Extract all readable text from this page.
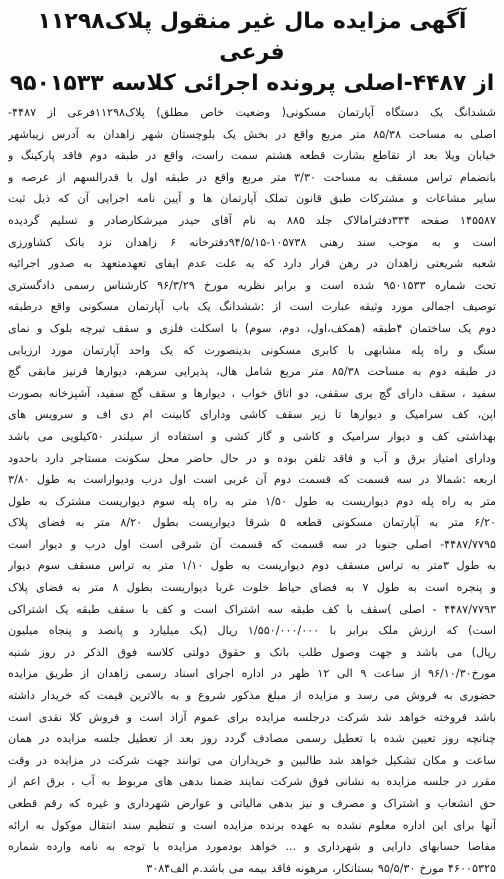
آگهی مزایده مال غیر منقول پلاک۱۱۲۹۸ فرعی
از ۴۴۸۷-اصلی پرونده اجرائی کلاسه ۹۵۰۱۵۳۳
ششدانگ یک دستگاه آپارتمان مسکونی( وضعیت خاص مطلق) پلاک۱۱۲۹۸فرعی از ۴۴۸۷-
اصلی به مساحت ۸۵/۳۸ متر مربع واقع در بخش یک بلوچستان شهر زاهدان به آدرس زیباشهر
خیابان ویلا بعد از تقاطع بشارت قطعه هشتم سمت راست، واقع در طبقه دوم فاقد پارکینگ و
بانضمام تراس مسقف به مساحت ۳/۳۰ متر مربع واقع در طبقه اول با قدرالسهم از عرصه و
سایر مشاعات و مشترکات طبق قانون تملک آپارتمان ها و آیین نامه اجرایی آن که ذیل ثبت
۱۴۵۵۸۷ صفحه ۳۳۴دفترامالاک جلد ۸۸۵ به نام آقای حیدر میرشکارصادر و تسلیم گردیده
است و به موجب سند رهنی ۱۰۵۷۳۸-۹۴/۵/۱۵دفترخانه ۶ زاهدان نزد بانک کشاورزی
شعبه شریعتی زاهدان در رهن قرار دارد که به علت عدم ایفای تعهدمتعهد به صدور اجرائیه
تحت شماره ۹۵۰۱۵۳۳ شده است و برابر نظریه مورخ ۹۶/۳/۲۹ کارشناس رسمی دادگستری
توصیف اجمالی مورد وثیقه عبارت است از :ششدانگ یک باب آپارتمان مسکونی واقع درطبقه
دوم یک ساختمان ۴طبقه (همکف،اول، دوم، سوم) با اسکلت فلزی و سقف تیرچه بلوک و نمای
سنگ و راه پله مشابهی با کابری مسکونی بدینصورت که یک واحد آپارتمان مورد ارزیابی
در طبقه دوم به مساحت ۸۵/۳۸ متر مربع شامل هال، پذیرایی سرهم، دیوارها قرنیز مابقی گچ
سفید ، سقف دارای گچ بری سقفی، دو اتاق خواب ، دیوارها و سقف گچ سفید، آشپزخانه بصورت
اپن، کف سرامیک و دیوارها تا زیر سقف کاشی ودارای کابینت ام دی اف و سرویس های
بهداشتی کف و دیوار سرامیک و کاشی و گاز کشی و استفاده از سیلندر ۵۰کیلویی می باشد
ودارای امتیاز برق و آب و فاقد تلفن بوده و در حال حاضر محل سکونت مستاجر دارد باحدود
اربعه :شمالا در سه قسمت که قسمت دوم آن غربی است اول درب ودیواراست به طول ۳/۸۰
متر به راه پله دوم دیواریست به طول ۱/۵۰ متر به راه پله سوم دیواریست مشترک به طول
۶/۲۰ متر به آپارتمان مسکونی قطعه ۵ شرقا دیواریست بطول ۸/۲۰ متر به فضای پلاک
۴۴۸۷/۷۷۹۵- اصلی جنوبا در سه قسمت که قسمت آن شرقی است اول درب و دیوار است
به طول ۳متر به تراس مسقف دوم دیواریست به طول ۱/۱۰ متر به تراس مسقف سوم دیوار
و پنجره است به طول ۷ به فضای حیاط خلوت غربا دیواریست بطول ۸ متر به فضای پلاک
۴۴۸۷/۷۷۹۳ - اصلی )سقف با کف طبقه سه اشتراک است و کف با سقف طبقه یک اشتراکی
است) که ارزش ملک برابر با ۱/۵۵۰/۰۰۰/۰۰۰ ریال (یک میلیارد و پانصد و پنجاه میلیون
ریال) می باشد و جهت وصول طلب بانک و حقوق دولتی کلاسه فوق الذکر در روز شنبه
مورخ۹۶/۱۰/۳۰ از ساعت ۹ الی ۱۲ ظهر در اداره اجرای اسناد رسمی زاهدان از طریق مزایده
حضوری به فروش می رسد و مزایده از مبلغ مذکور شروع و به بالاترین قیمت که خریدار داشته
باشد فروخته خواهد شد شرکت درجلسه مزایده برای عموم آزاد است و فروش کلا نقدی است
چنانچه روز تعیین شده با تعطیل رسمی مصادف گردد روز بعد از تعطیل جلسه مزایده در همان
ساعت و مکان تشکیل خواهد شد طالبین و خریداران می توانند جهت شرکت در مزایده در وقت
مقرر در جلسه مزایده به نشانی فوق شرکت نمایند ضمنا بدهی های مربوط به آب ، برق اعم از
حق انشعاب و اشتراک و مصرف و نیز بدهی مالیاتی و عوارض شهرداری و غیره که رقم قطعی
آنها برای این اداره معلوم نشده به عهده برنده مزایده است و تنظیم سند انتقال موکول به ارائه
مفاصا حسابهای دارایی و شهرداری و ... خواهد بودمورد مزایده با توجه به نامه وارده شماره
۴۶۰۰۵۳۲۵ مورخ ۹۵/۵/۳۰ بستانکار، مرهونه فاقد بیمه می باشد.م الف۳۰۸۴
